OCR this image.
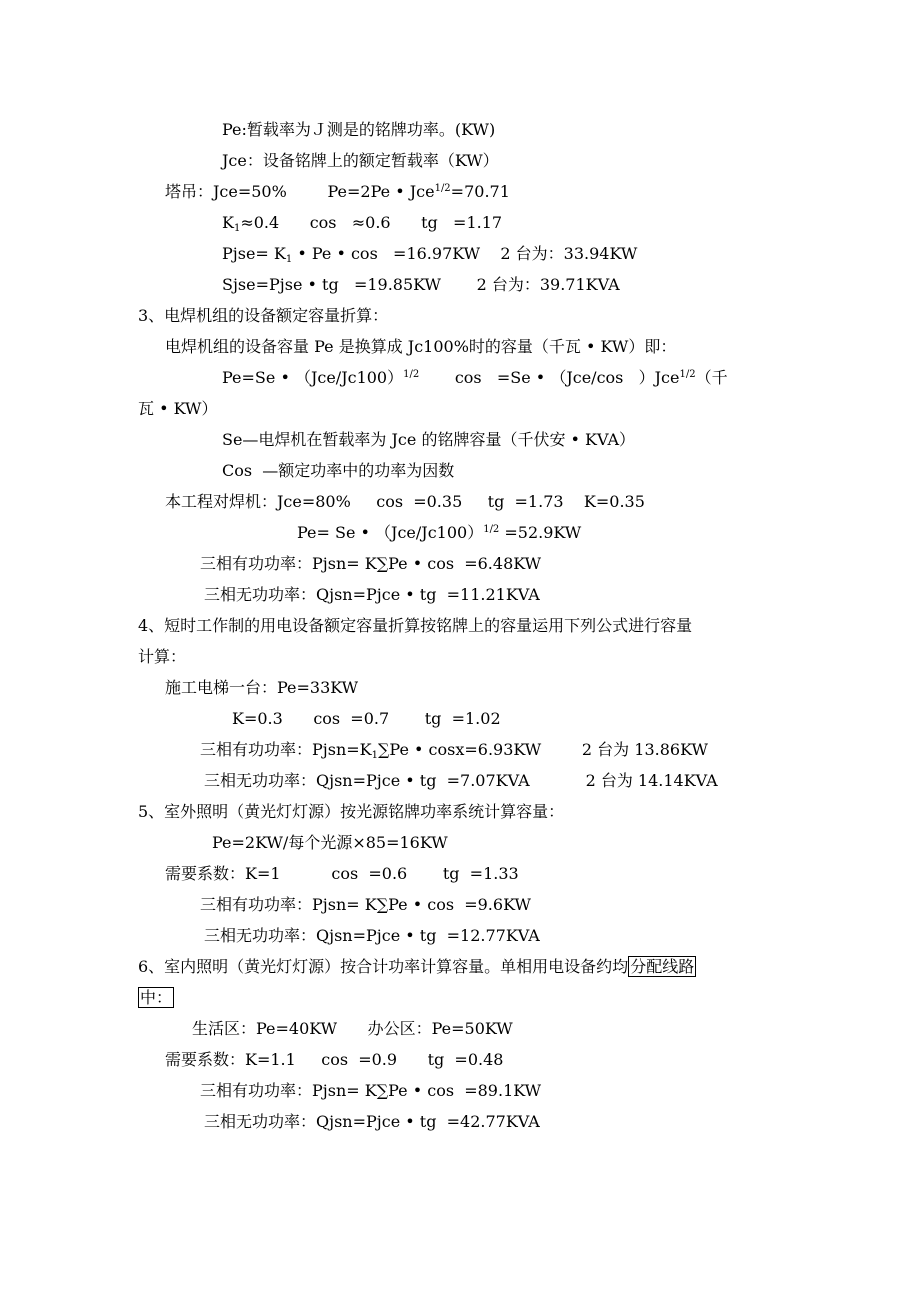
Pe:暂载率为Ｊ测是的铭牌功率。(KW)
Jce：设备铭牌上的额定暂载率（KW）
塔吊：Jce=50%        Pe=2Pe • Jce$^{1/2}$=70.71
$K_1\approx 0.4$      cos   ≈0.6      tg   =1.17
Pjse= $K_1$ • Pe • cos   =16.97KW    2 台为：33.94KW
Sjse=Pjse • tg   =19.85KW       2 台为：39.71KVA
3、电焊机组的设备额定容量折算：
电焊机组的设备容量 Pe 是换算成 Jc100%时的容量（千瓦 • KW）即：
Pe=Se • $(Jce/Jc100)^{1/2}$       cos   =Se • （Jce/cos   ）Jce$^{1/2}$（千
瓦 • KW）
Se—电焊机在暂载率为 Jce 的铭牌容量（千伏安 • KVA）
Cos  —额定功率中的功率为因数
本工程对焊机：Jce=80%     cos  =0.35     tg  =1.73    K=0.35
Pe= Se • $(Jce/Jc100)^{1/2} =52.9KW$
三相有功功率：Pjsn= K∑Pe • cos  =6.48KW
三相无功功率：Qjsn=Pjce • tg  =11.21KVA
4、短时工作制的用电设备额定容量折算按铭牌上的容量运用下列公式进行容量
计算：
施工电梯一台：Pe=33KW
K=0.3      cos  =0.7       tg  =1.02
三相有功功率：$Pjsn=K_1\sum Pe$ • cosx=6.93KW        2 台为 13.86KW
三相无功功率：Qjsn=Pjce • tg  =7.07KVA           2 台为 14.14KVA
5、室外照明（黄光灯灯源）按光源铭牌功率系统计算容量：
Pe=2KW/每个光源×85=16KW
需要系数：K=1          cos  =0.6       tg  =1.33
三相有功功率：Pjsn= K∑Pe • cos  =9.6KW
三相无功功率：Qjsn=Pjce • tg  =12.77KVA
6、室内照明（黄光灯灯源）按合计功率计算容量。单相用电设备约均 分配线路
中：
生活区：Pe=40KW      办公区：Pe=50KW
需要系数：K=1.1     cos  =0.9      tg  =0.48
三相有功功率：Pjsn= K∑Pe • cos  =89.1KW
三相无功功率：Qjsn=Pjce • tg  =42.77KVA
